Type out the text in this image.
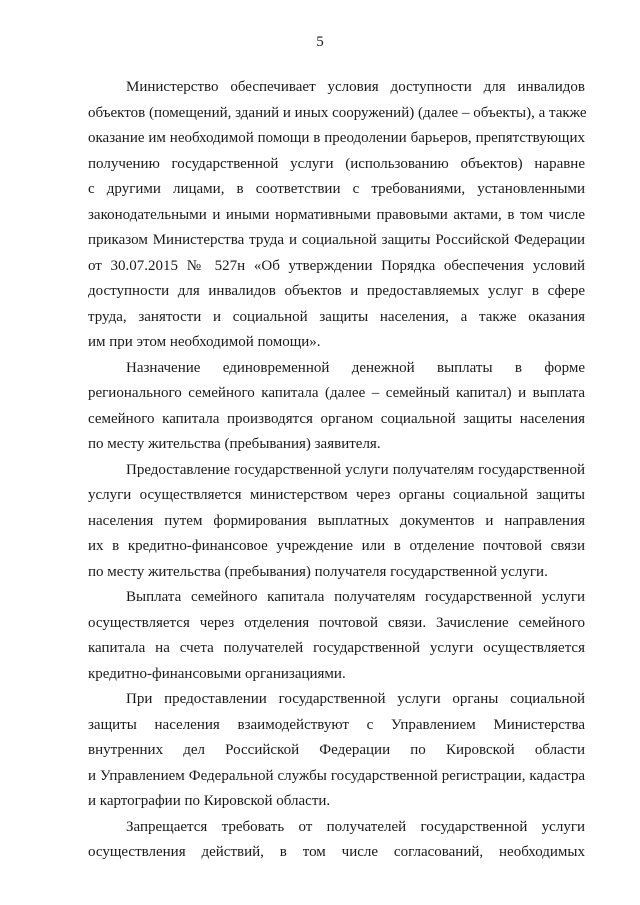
5
Министерство обеспечивает условия доступности для инвалидов
объектов (помещений, зданий и иных сооружений) (далее – объекты), а также
оказание им необходимой помощи в преодолении барьеров, препятствующих
получению государственной услуги (использованию объектов) наравне
с другими лицами, в соответствии с требованиями, установленными
законодательными и иными нормативными правовыми актами, в том числе
приказом Министерства труда и социальной защиты Российской Федерации
от 30.07.2015 № 527н «Об утверждении Порядка обеспечения условий
доступности для инвалидов объектов и предоставляемых услуг в сфере
труда, занятости и социальной защиты населения, а также оказания
им при этом необходимой помощи».
Назначение единовременной денежной выплаты в форме
регионального семейного капитала (далее – семейный капитал) и выплата
семейного капитала производятся органом социальной защиты населения
по месту жительства (пребывания) заявителя.
Предоставление государственной услуги получателям государственной
услуги осуществляется министерством через органы социальной защиты
населения путем формирования выплатных документов и направления
их в кредитно-финансовое учреждение или в отделение почтовой связи
по месту жительства (пребывания) получателя государственной услуги.
Выплата семейного капитала получателям государственной услуги
осуществляется через отделения почтовой связи. Зачисление семейного
капитала на счета получателей государственной услуги осуществляется
кредитно-финансовыми организациями.
При предоставлении государственной услуги органы социальной
защиты населения взаимодействуют с Управлением Министерства
внутренних дел Российской Федерации по Кировской области
и Управлением Федеральной службы государственной регистрации, кадастра
и картографии по Кировской области.
Запрещается требовать от получателей государственной услуги
осуществления действий, в том числе согласований, необходимых
